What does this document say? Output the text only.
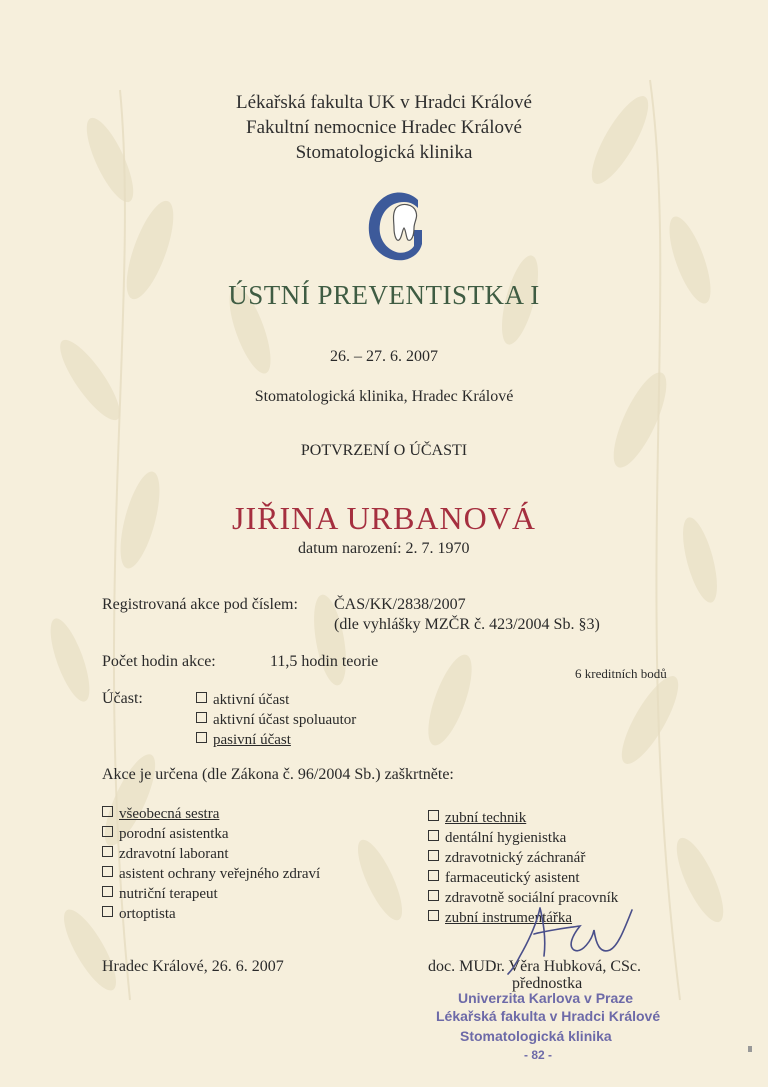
Lékařská fakulta UK v Hradci Králové
Fakultní nemocnice Hradec Králové
Stomatologická klinika
ÚSTNÍ PREVENTISTKA I
26. – 27. 6. 2007
Stomatologická klinika, Hradec Králové
POTVRZENÍ O ÚČASTI
JIŘINA URBANOVÁ
datum narození: 2. 7. 1970
Registrovaná akce pod číslem: ČAS/KK/2838/2007
(dle vyhlášky MZČR č. 423/2004 Sb. §3)
Počet hodin akce:	11,5 hodin teorie
6 kreditních bodů
Účast:	aktivní účast
aktivní účast spoluautor
pasivní účast
Akce je určena (dle Zákona č. 96/2004 Sb.) zaškrtněte:
všeobecná sestra
porodní asistentka
zdravotní laborant
asistent ochrany veřejného zdraví
nutriční terapeut
ortoptista
zubní technik
dentální hygienistka
zdravotnický záchranář
farmaceutický asistent
zdravotně sociální pracovník
zubní instrumentářka
Hradec Králové, 26. 6. 2007	doc. MUDr. Věra Hubková, CSc.
přednostka
Univerzita Karlova v Praze
Lékařská fakulta v Hradci Králové
Stomatologická klinika
- 82 -
